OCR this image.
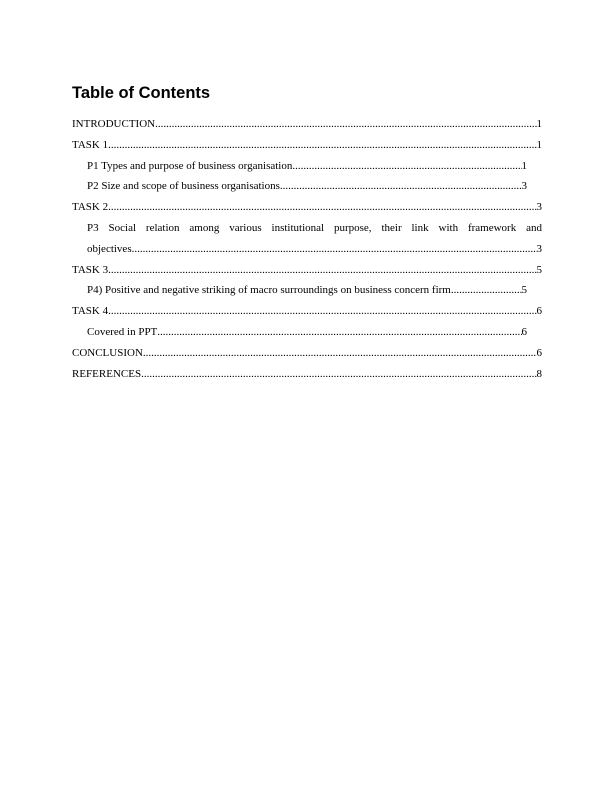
Table of Contents
INTRODUCTION .....	1
TASK 1 .....	1
P1 Types and purpose of business organisation .....	1
P2 Size and scope of business organisations .....	3
TASK 2 .....	3
P3 Social relation among various institutional purpose, their link with framework and
objectives .....	3
TASK 3 .....	5
P4) Positive and negative striking of macro surroundings on business concern firm .....	5
TASK 4 .....	6
Covered in PPT .....	6
CONCLUSION .....	6
REFERENCES .....	8
